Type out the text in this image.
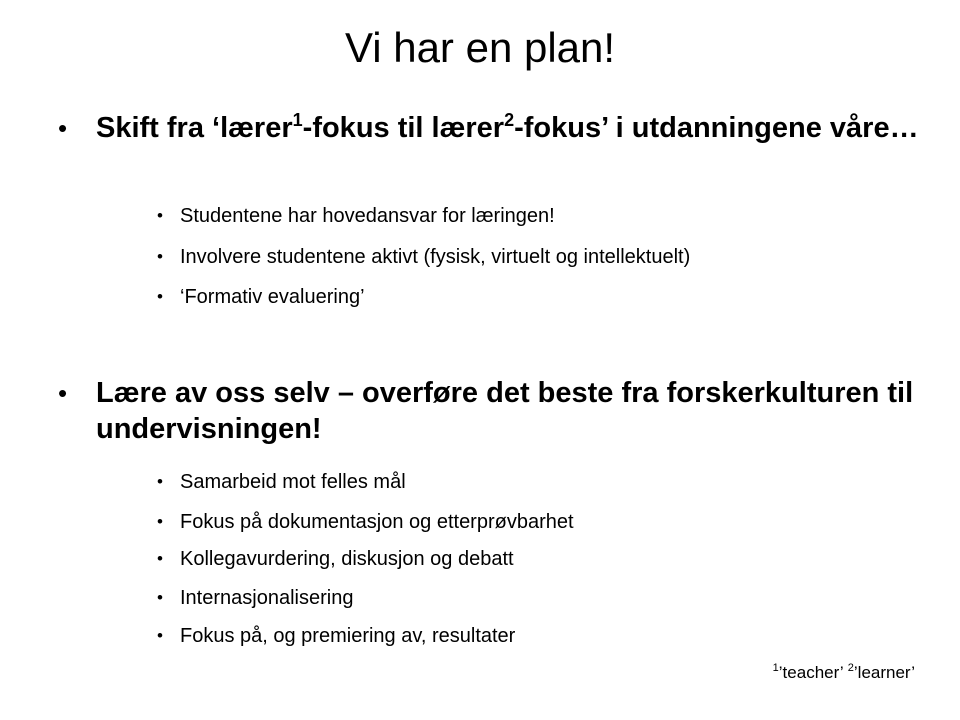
Vi har en plan!
• Skift fra ‘lærer$^1$-fokus til lærer$^2$-fokus’ i utdanningene våre…
• Studentene har hovedansvar for læringen!
• Involvere studentene aktivt (fysisk, virtuelt og intellektuelt)
• ‘Formativ evaluering’
• Lære av oss selv – overføre det beste fra forskerkulturen til undervisningen!
• Samarbeid mot felles mål
• Fokus på dokumentasjon og etterprøvbarhet
• Kollegavurdering, diskusjon og debatt
• Internasjonalisering
• Fokus på, og premiering av, resultater
$^1$’teacher’ $^2$’learner’
